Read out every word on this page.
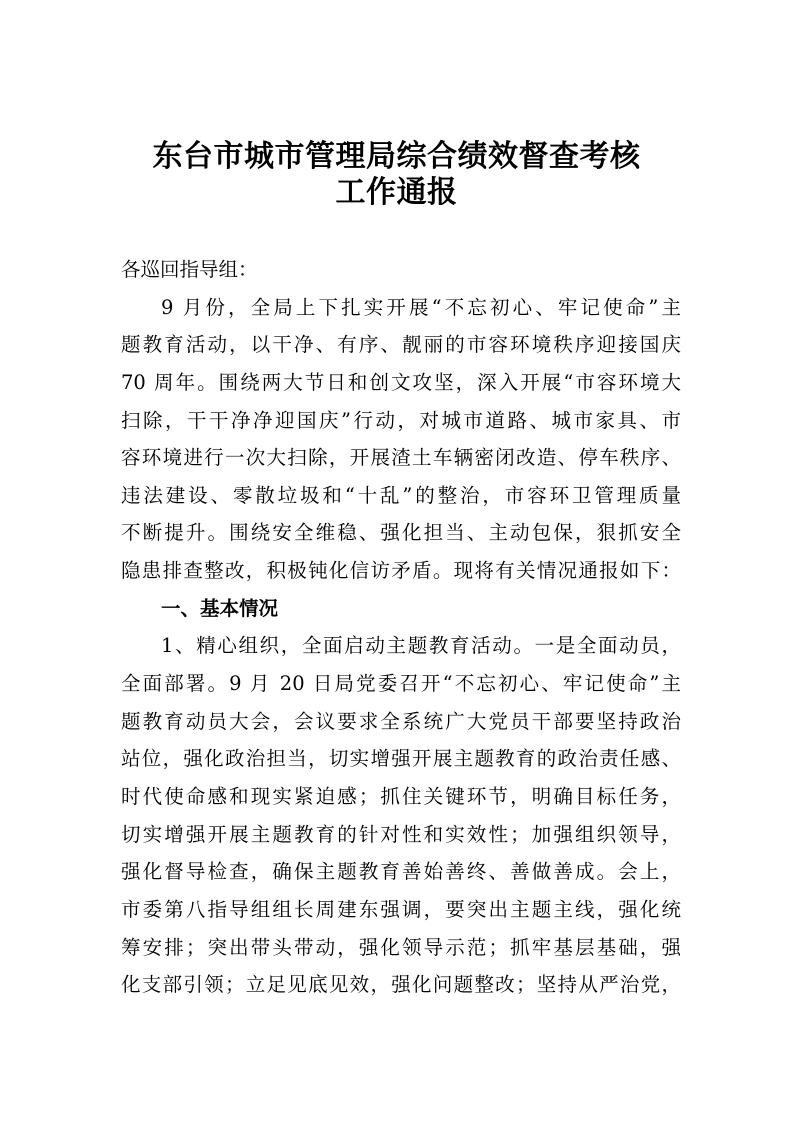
东台市城市管理局综合绩效督查考核
工作通报
各巡回指导组：
9 月份，全局上下扎实开展“不忘初心、牢记使命”主
题教育活动，以干净、有序、靓丽的市容环境秩序迎接国庆
70 周年。围绕两大节日和创文攻坚，深入开展“市容环境大
扫除，干干净净迎国庆”行动，对城市道路、城市家具、市
容环境进行一次大扫除，开展渣土车辆密闭改造、停车秩序、
违法建设、零散垃圾和“十乱”的整治，市容环卫管理质量
不断提升。围绕安全维稳、强化担当、主动包保，狠抓安全
隐患排查整改，积极钝化信访矛盾。现将有关情况通报如下：
一、基本情况
1、精心组织，全面启动主题教育活动。一是全面动员，
全面部署。9 月 20 日局党委召开“不忘初心、牢记使命”主
题教育动员大会，会议要求全系统广大党员干部要坚持政治
站位，强化政治担当，切实增强开展主题教育的政治责任感、
时代使命感和现实紧迫感；抓住关键环节，明确目标任务，
切实增强开展主题教育的针对性和实效性；加强组织领导，
强化督导检查，确保主题教育善始善终、善做善成。会上，
市委第八指导组组长周建东强调，要突出主题主线，强化统
筹安排；突出带头带动，强化领导示范；抓牢基层基础，强
化支部引领；立足见底见效，强化问题整改；坚持从严治党，
